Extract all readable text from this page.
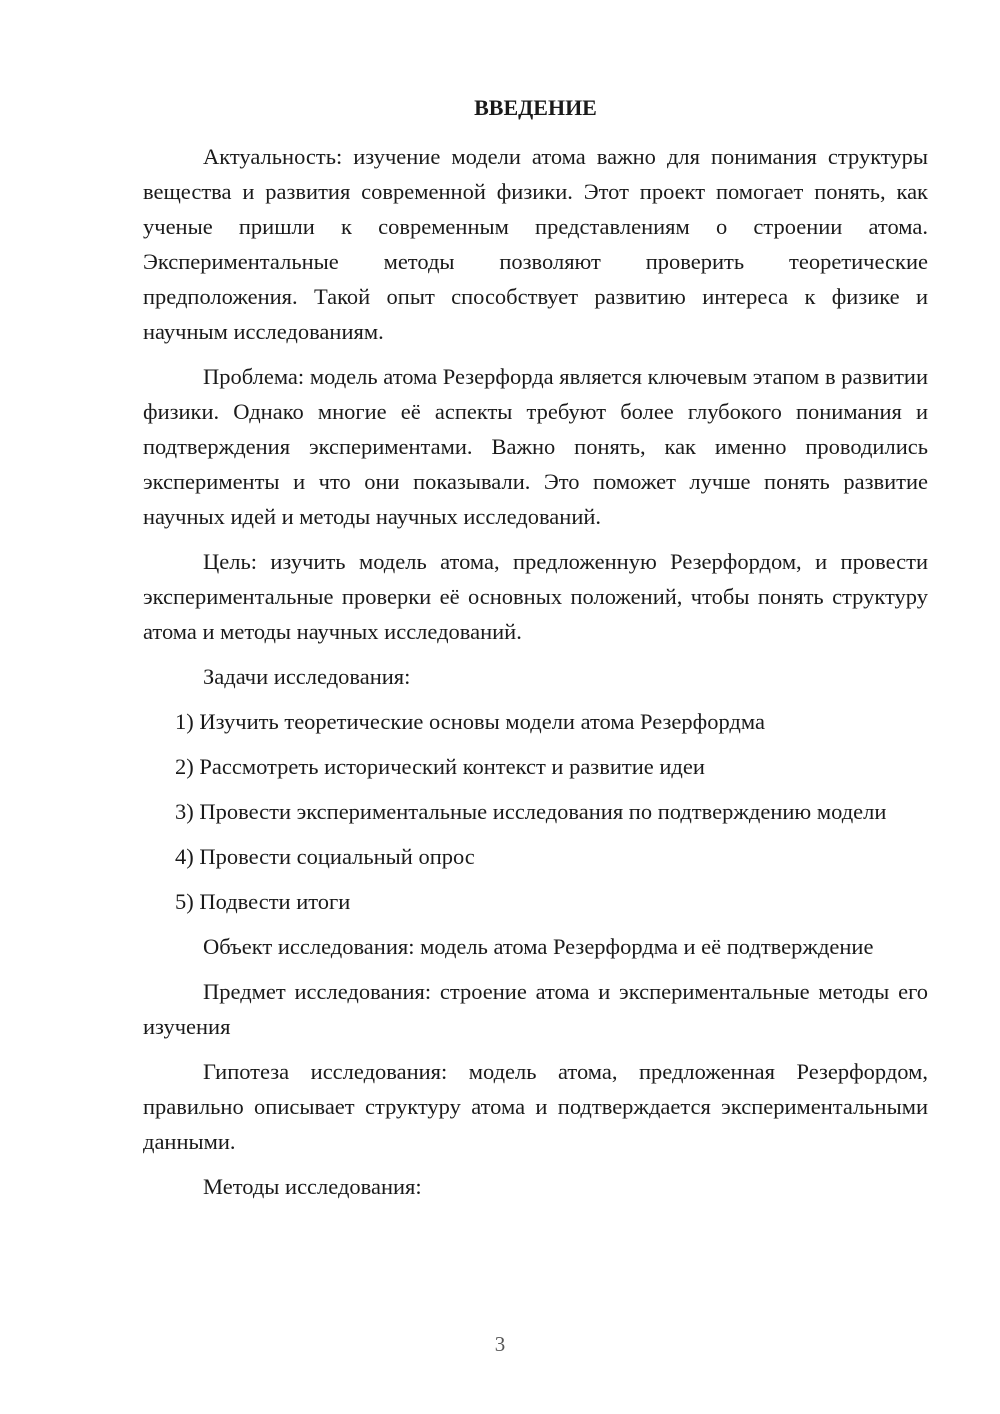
ВВЕДЕНИЕ

Актуальность: изучение модели атома важно для понимания структуры вещества и развития современной физики. Этот проект помогает понять, как ученые пришли к современным представлениям о строении атома. Экспериментальные методы позволяют проверить теоретические предположения. Такой опыт способствует развитию интереса к физике и научным исследованиям.

Проблема: модель атома Резерфорда является ключевым этапом в развитии физики. Однако многие её аспекты требуют более глубокого понимания и подтверждения экспериментами. Важно понять, как именно проводились эксперименты и что они показывали. Это поможет лучше понять развитие научных идей и методы научных исследований.

Цель: изучить модель атома, предложенную Резерфордом, и провести экспериментальные проверки её основных положений, чтобы понять структуру атома и методы научных исследований.

Задачи исследования:

1) Изучить теоретические основы модели атома Резерфордма

2) Рассмотреть исторический контекст и развитие идеи

3) Провести экспериментальные исследования по подтверждению модели

4) Провести социальный опрос

5) Подвести итоги

Объект исследования: модель атома Резерфордма и её подтверждение

Предмет исследования: строение атома и экспериментальные методы его изучения

Гипотеза исследования: модель атома, предложенная Резерфордом, правильно описывает структуру атома и подтверждается экспериментальными данными.

Методы исследования:

3
